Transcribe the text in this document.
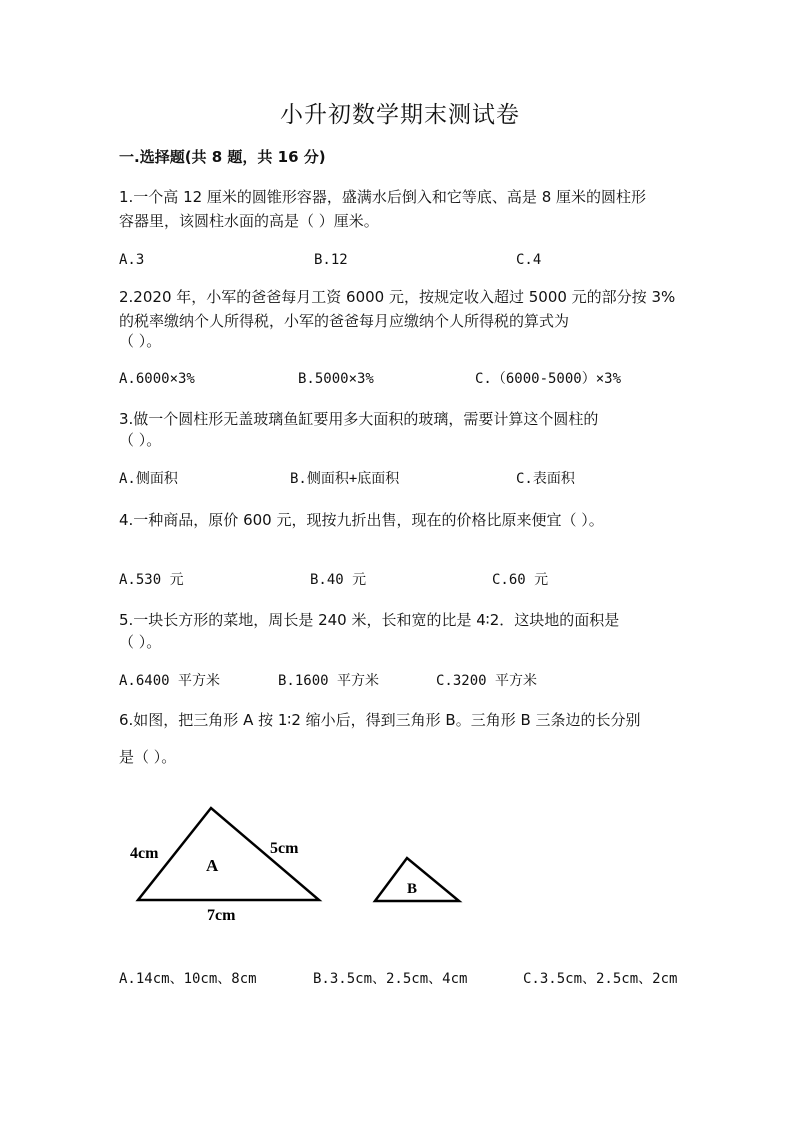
小升初数学期末测试卷
一.选择题(共 8 题，共 16 分)
1.一个高 12 厘米的圆锥形容器，盛满水后倒入和它等底、高是 8 厘米的圆柱形
容器里，该圆柱水面的高是（ ）厘米。
A.3	B.12	C.4
2.2020 年，小军的爸爸每月工资 6000 元，按规定收入超过 5000 元的部分按 3%
的税率缴纳个人所得税，小军的爸爸每月应缴纳个人所得税的算式为
（ ）。
A.6000×3%	B.5000×3%	C.（6000-5000）×3%
3.做一个圆柱形无盖玻璃鱼缸要用多大面积的玻璃，需要计算这个圆柱的
（ ）。
A.侧面积	B.侧面积+底面积	C.表面积
4.一种商品，原价 600 元，现按九折出售，现在的价格比原来便宜（ ）。
A.530 元	B.40 元	C.60 元
5.一块长方形的菜地，周长是 240 米，长和宽的比是 4∶2．这块地的面积是
（ ）。
A.6400 平方米	B.1600 平方米	C.3200 平方米
6.如图，把三角形 A 按 1∶2 缩小后，得到三角形 B。三角形 B 三条边的长分别
是（ ）。
A
4cm	5cm
7cm
B
A.14cm、10cm、8cm	B.3.5cm、2.5cm、4cm	C.3.5cm、2.5cm、2cm
